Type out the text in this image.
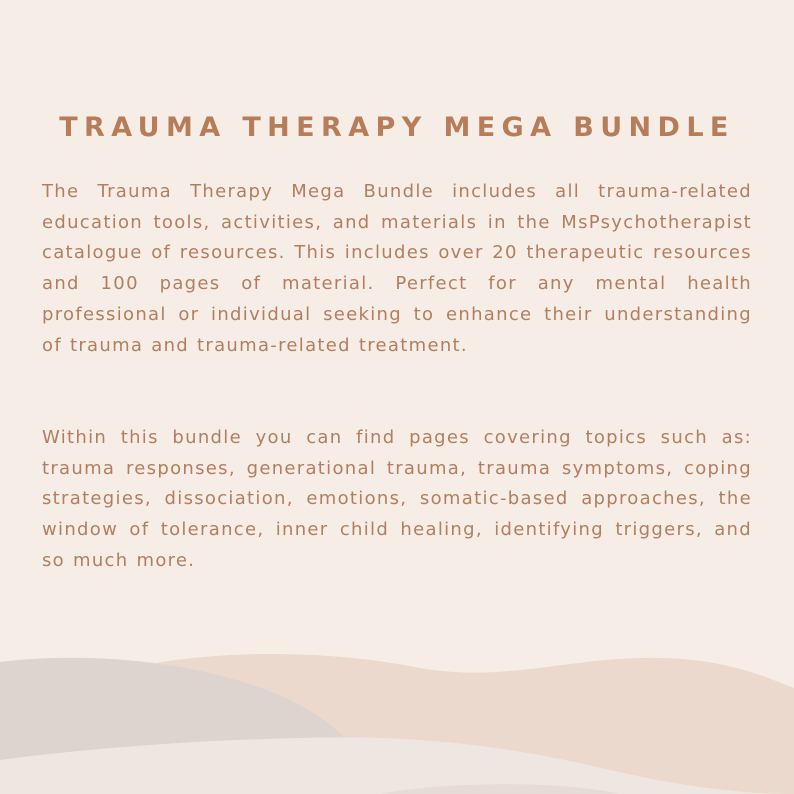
TRAUMA THERAPY MEGA BUNDLE

The Trauma Therapy Mega Bundle includes all trauma-related education tools, activities, and materials in the MsPsychotherapist catalogue of resources. This includes over 20 therapeutic resources and 100 pages of material. Perfect for any mental health professional or individual seeking to enhance their understanding of trauma and trauma-related treatment.

Within this bundle you can find pages covering topics such as: trauma responses, generational trauma, trauma symptoms, coping strategies, dissociation, emotions, somatic-based approaches, the window of tolerance, inner child healing, identifying triggers, and so much more.
